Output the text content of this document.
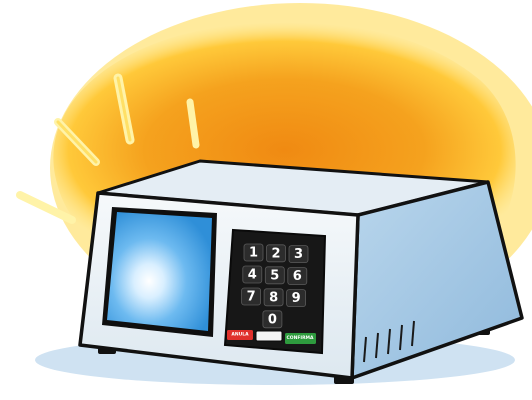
1 2 3
4 5 6
7 8 9
0
ANULA
CONFIRMA
